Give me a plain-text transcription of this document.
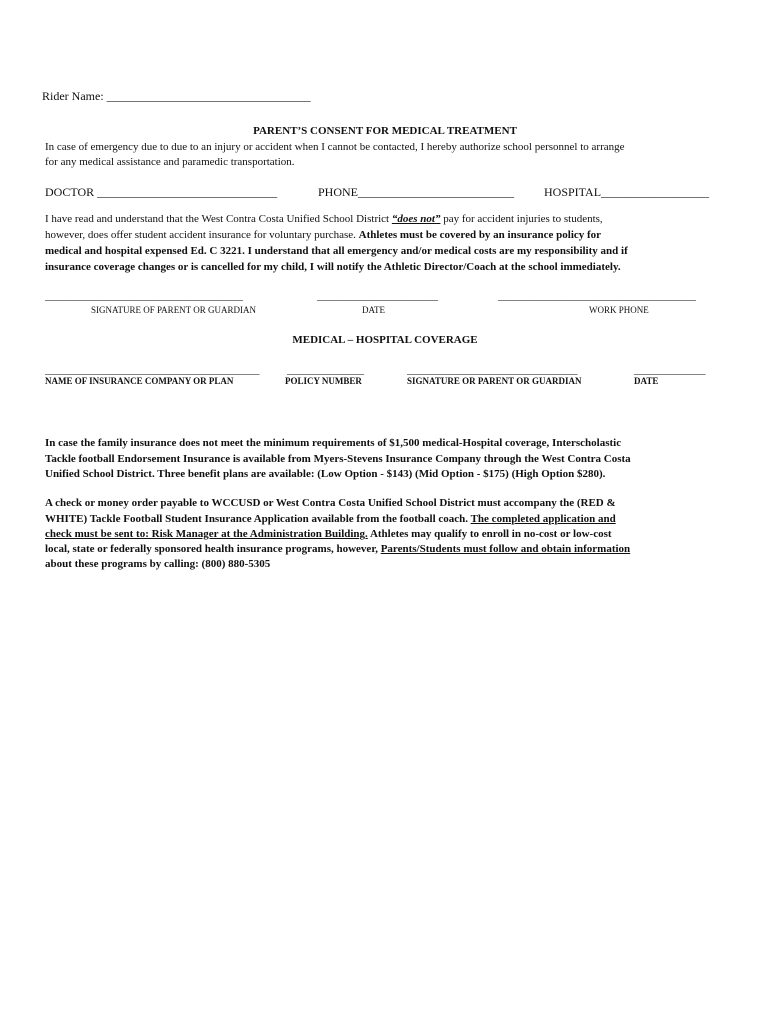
Rider Name: __________________________________
PARENT’S CONSENT FOR MEDICAL TREATMENT
In case of emergency due to due to an injury or accident when I cannot be contacted, I hereby authorize school personnel to arrange
for any medical assistance and paramedic transportation.
DOCTOR ______________________________	PHONE__________________________ HOSPITAL__________________
I have read and understand that the West Contra Costa Unified School District “does not” pay for accident injuries to students,
however, does offer student accident insurance for voluntary purchase. Athletes must be covered by an insurance policy for
medical and hospital expensed Ed. C 3221. I understand that all emergency and/or medical costs are my responsibility and if
insurance coverage changes or is cancelled for my child, I will notify the Athletic Director/Coach at the school immediately.
____________________________________	______________________	____________________________________
SIGNATURE OF PARENT OR GUARDIAN	DATE	WORK PHONE
MEDICAL – HOSPITAL COVERAGE
_______________________________________	______________	_______________________________	_____________
NAME OF INSURANCE COMPANY OR PLAN	POLICY NUMBER	SIGNATURE OR PARENT OR GUARDIAN	DATE
In case the family insurance does not meet the minimum requirements of $1,500 medical-Hospital coverage, Interscholastic
Tackle football Endorsement Insurance is available from Myers-Stevens Insurance Company through the West Contra Costa
Unified School District. Three benefit plans are available: (Low Option - $143) (Mid Option - $175) (High Option $280).
A check or money order payable to WCCUSD or West Contra Costa Unified School District must accompany the (RED &
WHITE) Tackle Football Student Insurance Application available from the football coach. The completed application and
check must be sent to: Risk Manager at the Administration Building. Athletes may qualify to enroll in no-cost or low-cost
local, state or federally sponsored health insurance programs, however, Parents/Students must follow and obtain information
about these programs by calling: (800) 880-5305
